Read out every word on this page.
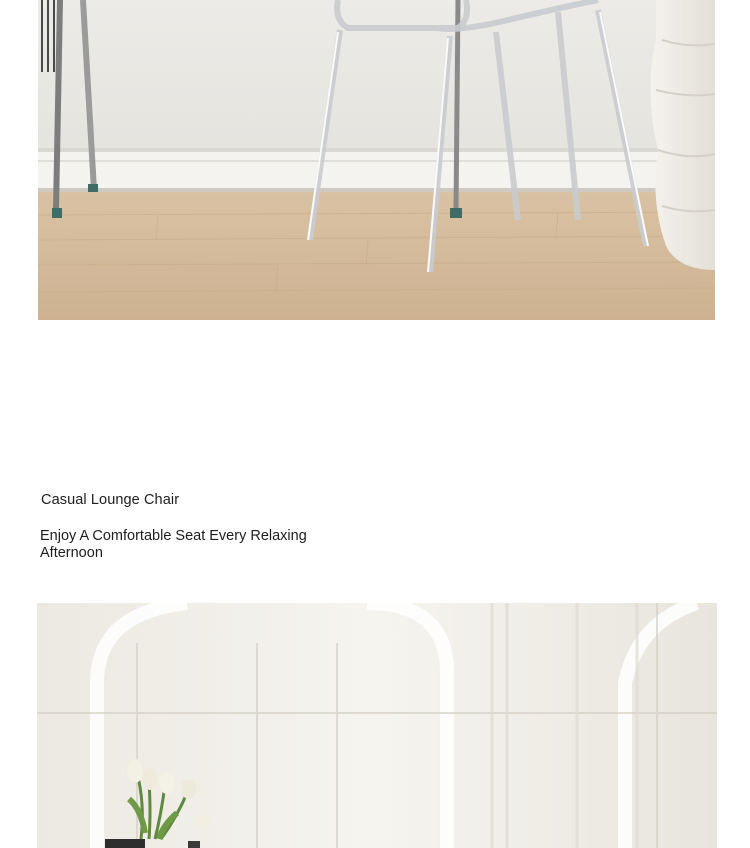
Casual Lounge Chair
Enjoy A Comfortable Seat Every Relaxing Afternoon
